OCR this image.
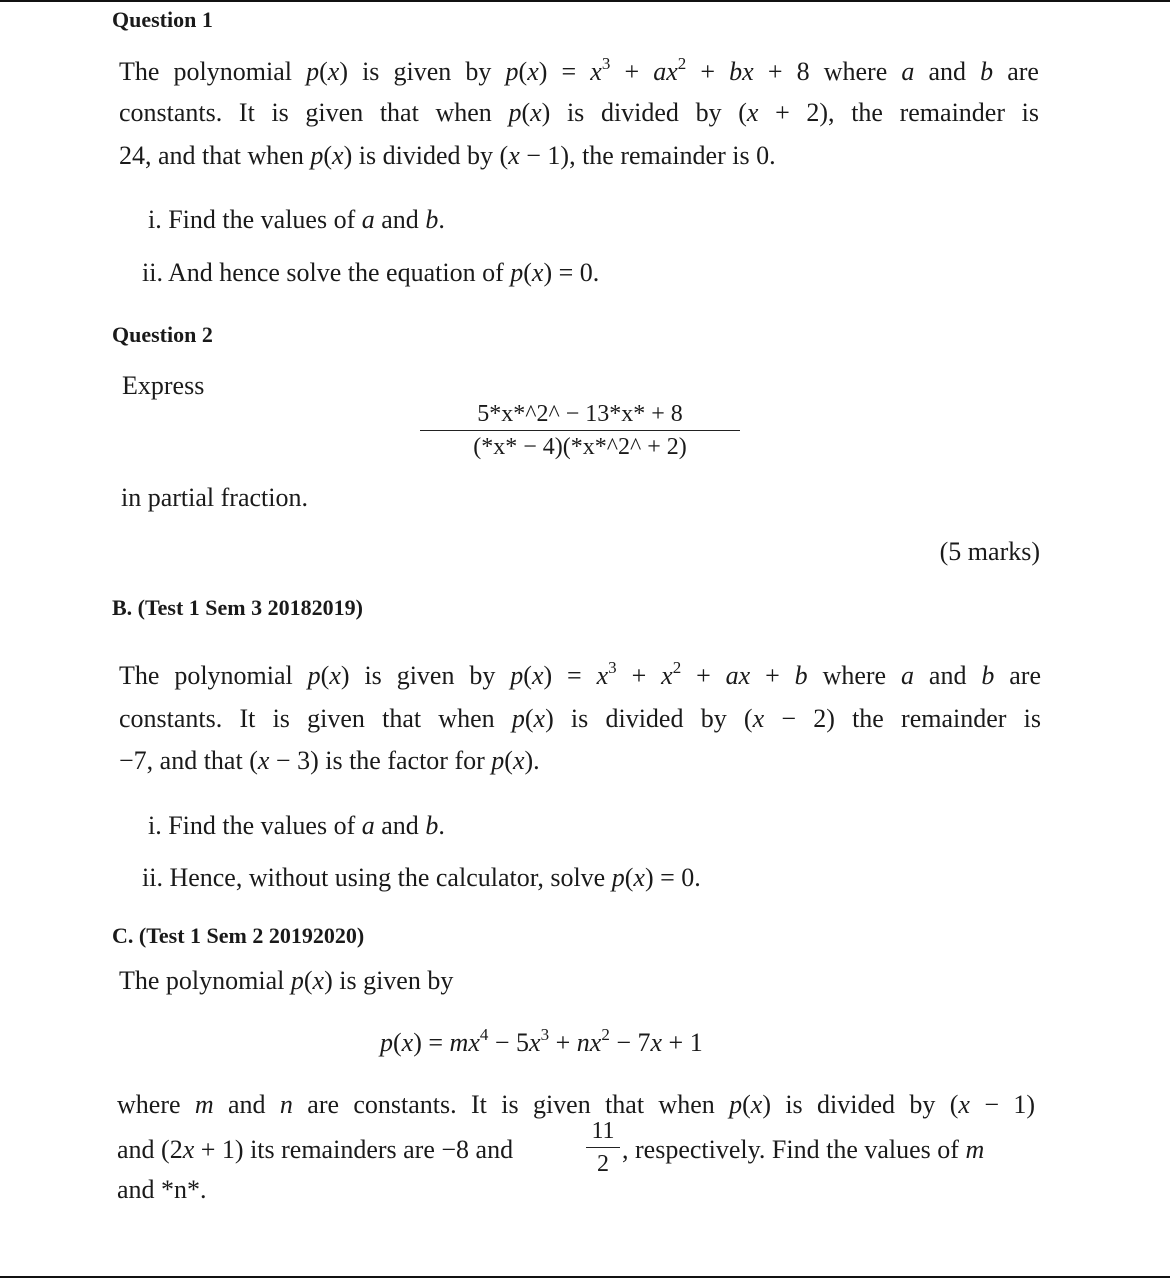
Question 1
The polynomial p(x) is given by $p(x) = x^3 + ax^2$ + bx + 8 where a and b are
constants. It is given that when p(x) is divided by (x + 2), the remainder is
24, and that when p(x) is divided by (x − 1), the remainder is 0.
i. Find the values of a and b.
ii. And hence solve the equation of p(x) = 0.
Question 2
Express
$\frac{5*x*\^{}2\^{} - 13*x* + 8}{(*x* - 4)(*x*\^{}2\^{} + 2)}$
in partial fraction.
(5 marks)
B. (Test 1 Sem 3 20182019)
The polynomial p(x) is given by $p(x) = x^3 + x^2$ + ax + b where a and b are
constants. It is given that when p(x) is divided by (x − 2) the remainder is
−7, and that (x − 3) is the factor for p(x).
i. Find the values of a and b.
ii. Hence, without using the calculator, solve p(x) = 0.
C. (Test 1 Sem 2 20192020)
The polynomial p(x) is given by
$p(x) = mx^4 - 5x^3 + nx^2 - 7x + 1$
where m and n are constants. It is given that when p(x) is divided by (x − 1)
and (2x + 1) its remainders are −8 and	$\frac{11}{2}$ , respectively. Find the values of m
and *n*.
